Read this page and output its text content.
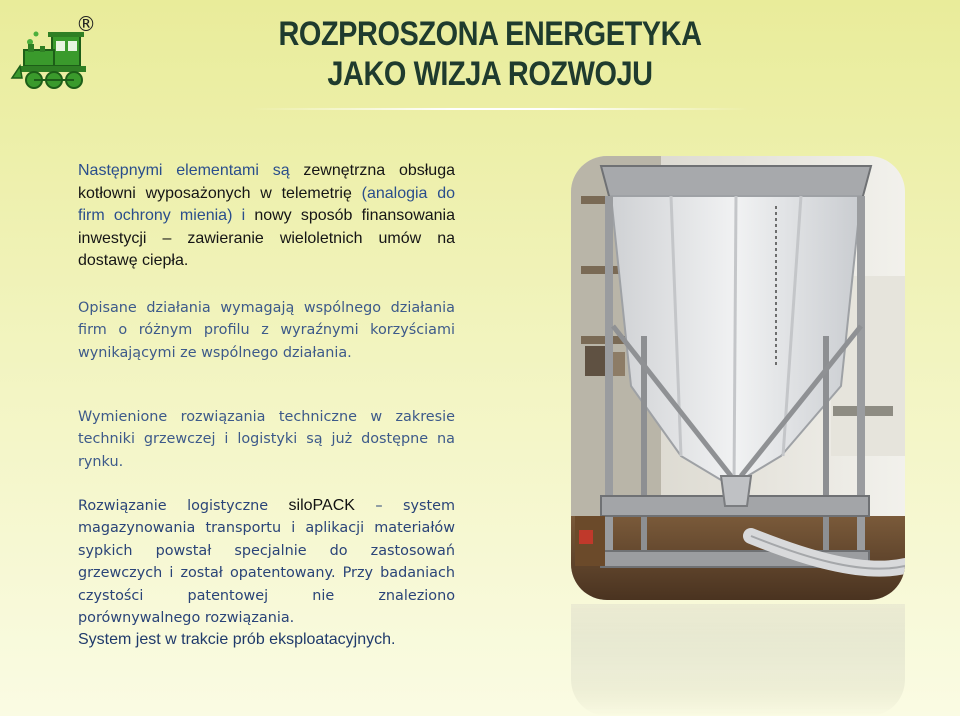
®	ROZPROSZONA ENERGETYKA
JAKO WIZJA ROZWOJU
Następnymi elementami są zewnętrzna obsługa kotłowni wyposażonych w telemetrię (analogia do firm ochrony mienia) i nowy sposób finansowania inwestycji – zawieranie wieloletnich umów na dostawę ciepła.
Opisane działania wymagają wspólnego działania firm o różnym profilu z wyraźnymi korzyściami wynikającymi ze wspólnego działania.
Wymienione rozwiązania techniczne w zakresie techniki grzewczej i logistyki są już dostępne na rynku.
Rozwiązanie logistyczne siloPACK – system magazynowania transportu i aplikacji materiałów sypkich powstał specjalnie do zastosowań grzewczych i został opatentowany. Przy badaniach czystości patentowej nie znaleziono porównywalnego rozwiązania.
System jest w trakcie prób eksploatacyjnych.
